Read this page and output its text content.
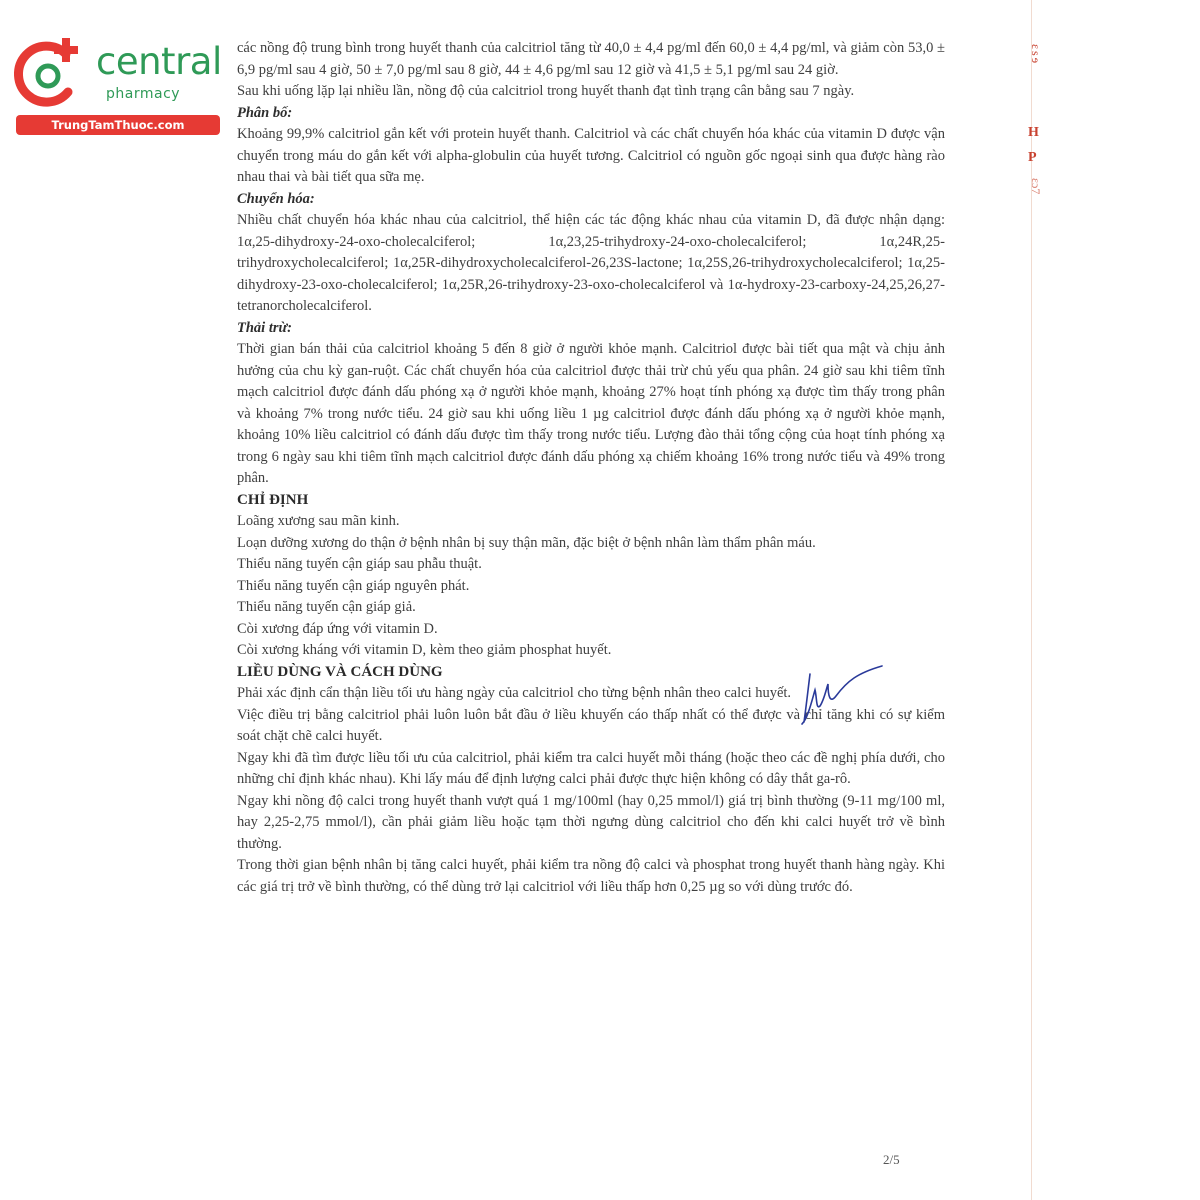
central
pharmacy
TrungTamThuoc.com

các nồng độ trung bình trong huyết thanh của calcitriol tăng từ 40,0 ± 4,4 pg/ml đến 60,0 ± 4,4 pg/ml, và giảm còn 53,0 ± 6,9 pg/ml sau 4 giờ, 50 ± 7,0 pg/ml sau 8 giờ, 44 ± 4,6 pg/ml sau 12 giờ và 41,5 ± 5,1 pg/ml sau 24 giờ.

Sau khi uống lặp lại nhiều lần, nồng độ của calcitriol trong huyết thanh đạt tình trạng cân bằng sau 7 ngày.

Phân bố:

Khoảng 99,9% calcitriol gắn kết với protein huyết thanh. Calcitriol và các chất chuyển hóa khác của vitamin D được vận chuyển trong máu do gắn kết với alpha-globulin của huyết tương. Calcitriol có nguồn gốc ngoại sinh qua được hàng rào nhau thai và bài tiết qua sữa mẹ.

Chuyển hóa:

Nhiều chất chuyển hóa khác nhau của calcitriol, thể hiện các tác động khác nhau của vitamin D, đã được nhận dạng: 1α,25-dihydroxy-24-oxo-cholecalciferol; 1α,23,25-trihydroxy-24-oxo-cholecalciferol; 1α,24R,25-trihydroxycholecalciferol; 1α,25R-dihydroxycholecalciferol-26,23S-lactone; 1α,25S,26-trihydroxycholecalciferol; 1α,25-dihydroxy-23-oxo-cholecalciferol; 1α,25R,26-trihydroxy-23-oxo-cholecalciferol và 1α-hydroxy-23-carboxy-24,25,26,27-tetranorcholecalciferol.

Thải trừ:

Thời gian bán thải của calcitriol khoảng 5 đến 8 giờ ở người khỏe mạnh. Calcitriol được bài tiết qua mật và chịu ảnh hưởng của chu kỳ gan-ruột. Các chất chuyển hóa của calcitriol được thải trừ chủ yếu qua phân. 24 giờ sau khi tiêm tĩnh mạch calcitriol được đánh dấu phóng xạ ở người khỏe mạnh, khoảng 27% hoạt tính phóng xạ được tìm thấy trong phân và khoảng 7% trong nước tiểu. 24 giờ sau khi uống liều 1 µg calcitriol được đánh dấu phóng xạ ở người khỏe mạnh, khoảng 10% liều calcitriol có đánh dấu được tìm thấy trong nước tiểu. Lượng đào thải tổng cộng của hoạt tính phóng xạ trong 6 ngày sau khi tiêm tĩnh mạch calcitriol được đánh dấu phóng xạ chiếm khoảng 16% trong nước tiểu và 49% trong phân.

CHỈ ĐỊNH

Loãng xương sau mãn kinh.

Loạn dưỡng xương do thận ở bệnh nhân bị suy thận mãn, đặc biệt ở bệnh nhân làm thẩm phân máu.

Thiểu năng tuyến cận giáp sau phẫu thuật.

Thiểu năng tuyến cận giáp nguyên phát.

Thiểu năng tuyến cận giáp giả.

Còi xương đáp ứng với vitamin D.

Còi xương kháng với vitamin D, kèm theo giảm phosphat huyết.

LIỀU DÙNG VÀ CÁCH DÙNG

Phải xác định cẩn thận liều tối ưu hàng ngày của calcitriol cho từng bệnh nhân theo calci huyết.

Việc điều trị bằng calcitriol phải luôn luôn bắt đầu ở liều khuyến cáo thấp nhất có thể được và chỉ tăng khi có sự kiểm soát chặt chẽ calci huyết.

Ngay khi đã tìm được liều tối ưu của calcitriol, phải kiểm tra calci huyết mỗi tháng (hoặc theo các đề nghị phía dưới, cho những chỉ định khác nhau). Khi lấy máu để định lượng calci phải được thực hiện không có dây thắt ga-rô.

Ngay khi nồng độ calci trong huyết thanh vượt quá 1 mg/100ml (hay 0,25 mmol/l) giá trị bình thường (9-11 mg/100 ml, hay 2,25-2,75 mmol/l), cần phải giảm liều hoặc tạm thời ngưng dùng calcitriol cho đến khi calci huyết trở về bình thường.

Trong thời gian bệnh nhân bị tăng calci huyết, phải kiểm tra nồng độ calci và phosphat trong huyết thanh hàng ngày. Khi các giá trị trở về bình thường, có thể dùng trở lại calcitriol với liều thấp hơn 0,25 µg so với dùng trước đó.

2/5
ɛsɘ
H
P
ɛɔ7
